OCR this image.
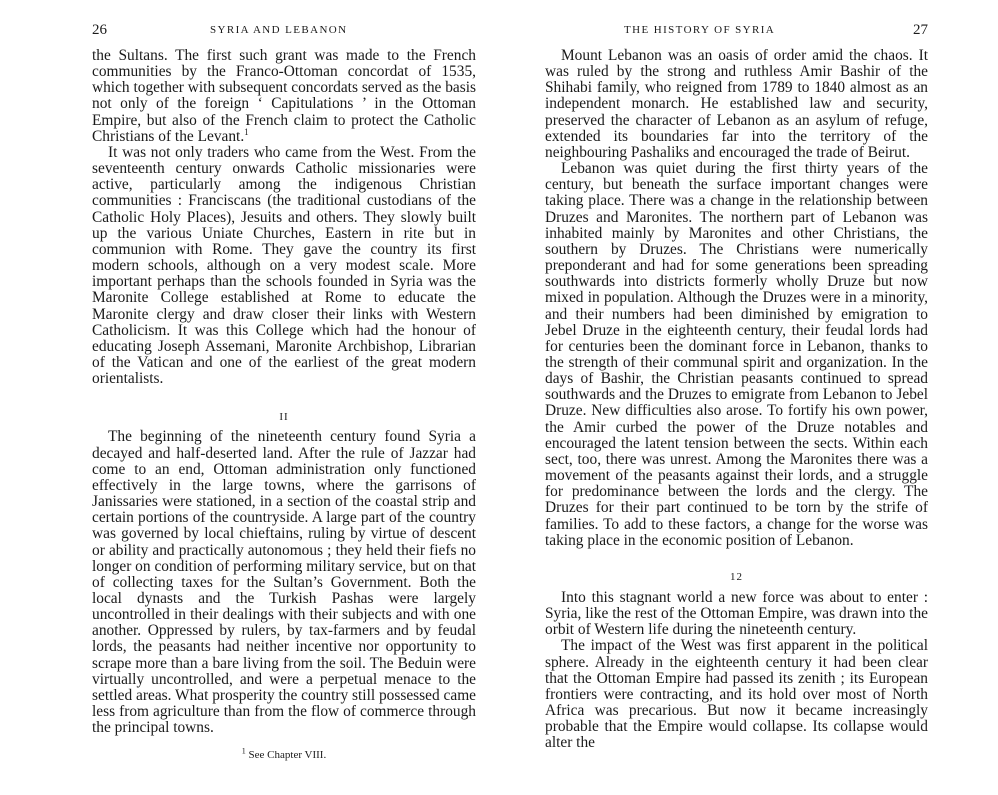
26	SYRIA AND LEBANON

the Sultans. The first such grant was made to the French communities by the Franco-Ottoman concordat of 1535, which together with subsequent concordats served as the basis not only of the foreign ‘ Capitulations ’ in the Ottoman Empire, but also of the French claim to protect the Catholic Christians of the Levant.$^1$

It was not only traders who came from the West. From the seventeenth century onwards Catholic missionaries were active, particularly among the indigenous Christian communities : Franciscans (the traditional custodians of the Catholic Holy Places), Jesuits and others. They slowly built up the various Uniate Churches, Eastern in rite but in communion with Rome. They gave the country its first modern schools, although on a very modest scale. More important perhaps than the schools founded in Syria was the Maronite College established at Rome to educate the Maronite clergy and draw closer their links with Western Catholicism. It was this College which had the honour of educating Joseph Assemani, Maronite Archbishop, Librarian of the Vatican and one of the earliest of the great modern orientalists.

II

The beginning of the nineteenth century found Syria a decayed and half-deserted land. After the rule of Jazzar had come to an end, Ottoman administration only functioned effectively in the large towns, where the garrisons of Janissaries were stationed, in a section of the coastal strip and certain portions of the countryside. A large part of the country was governed by local chieftains, ruling by virtue of descent or ability and practically autonomous ; they held their fiefs no longer on condition of performing military service, but on that of collecting taxes for the Sultan’s Government. Both the local dynasts and the Turkish Pashas were largely uncontrolled in their dealings with their subjects and with one another. Oppressed by rulers, by tax-farmers and by feudal lords, the peasants had neither incentive nor opportunity to scrape more than a bare living from the soil. The Beduin were virtually uncontrolled, and were a perpetual menace to the settled areas. What prosperity the country still possessed came less from agriculture than from the flow of commerce through the principal towns.

$^1$ See Chapter VIII.
THE HISTORY OF SYRIA	27

Mount Lebanon was an oasis of order amid the chaos. It was ruled by the strong and ruthless Amir Bashir of the Shihabi family, who reigned from 1789 to 1840 almost as an independent monarch. He established law and security, preserved the character of Lebanon as an asylum of refuge, extended its boundaries far into the territory of the neighbouring Pashaliks and encouraged the trade of Beirut.

Lebanon was quiet during the first thirty years of the century, but beneath the surface important changes were taking place. There was a change in the relationship between Druzes and Maronites. The northern part of Lebanon was inhabited mainly by Maronites and other Christians, the southern by Druzes. The Christians were numerically preponderant and had for some generations been spreading southwards into districts formerly wholly Druze but now mixed in population. Although the Druzes were in a minority, and their numbers had been diminished by emigration to Jebel Druze in the eighteenth century, their feudal lords had for centuries been the dominant force in Lebanon, thanks to the strength of their communal spirit and organization. In the days of Bashir, the Christian peasants continued to spread southwards and the Druzes to emigrate from Lebanon to Jebel Druze. New difficulties also arose. To fortify his own power, the Amir curbed the power of the Druze notables and encouraged the latent tension between the sects. Within each sect, too, there was unrest. Among the Maronites there was a movement of the peasants against their lords, and a struggle for predominance between the lords and the clergy. The Druzes for their part continued to be torn by the strife of families. To add to these factors, a change for the worse was taking place in the economic position of Lebanon.

12

Into this stagnant world a new force was about to enter : Syria, like the rest of the Ottoman Empire, was drawn into the orbit of Western life during the nineteenth century.

The impact of the West was first apparent in the political sphere. Already in the eighteenth century it had been clear that the Ottoman Empire had passed its zenith ; its European frontiers were contracting, and its hold over most of North Africa was precarious. But now it became increasingly probable that the Empire would collapse. Its collapse would alter the
